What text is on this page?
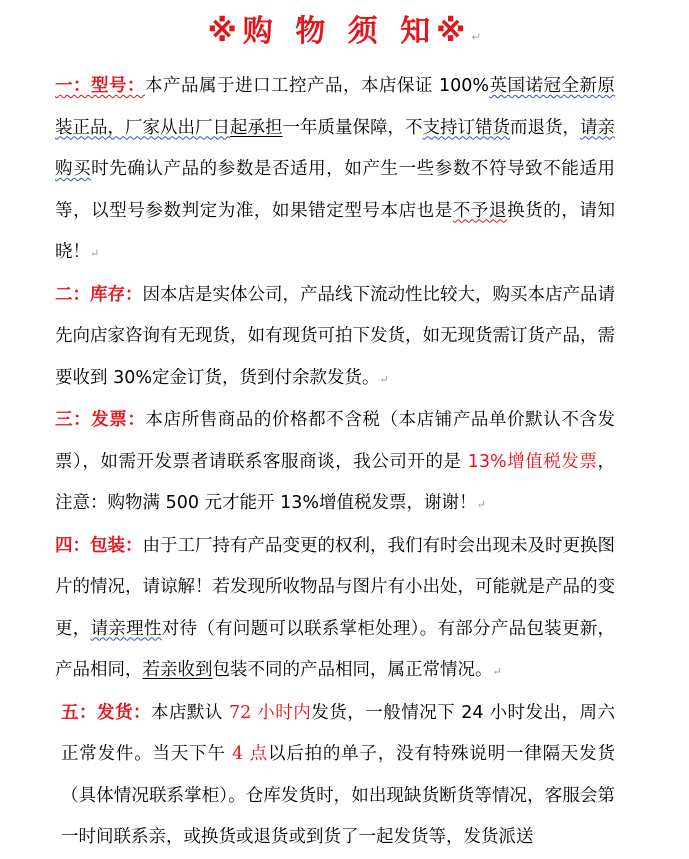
※购 物 须 知※↵

一：型号：本产品属于进口工控产品，本店保证 100%英国诺冠全新原装正品，厂家从出厂日起承担一年质量保障，不支持订错货而退货，请亲购买时先确认产品的参数是否适用，如产生一些参数不符导致不能适用等，以型号参数判定为准，如果错定型号本店也是不予退换货的，请知晓！↵

二：库存：因本店是实体公司，产品线下流动性比较大，购买本店产品请先向店家咨询有无现货，如有现货可拍下发货，如无现货需订货产品，需要收到 30%定金订货，货到付余款发货。↵

三：发票：本店所售商品的价格都不含税（本店铺产品单价默认不含发票），如需开发票者请联系客服商谈，我公司开的是 13%增值税发票，注意：购物满 500 元才能开 13%增值税发票，谢谢！↵

四：包装：由于工厂持有产品变更的权利，我们有时会出现未及时更换图片的情况，请谅解！若发现所收物品与图片有小出处，可能就是产品的变更，请亲理性对待（有问题可以联系掌柜处理）。有部分产品包装更新，产品相同，若亲收到包装不同的产品相同，属正常情况。↵

五：发货：本店默认 72 小时内发货，一般情况下 24 小时发出，周六正常发件。当天下午 4 点以后拍的单子，没有特殊说明一律隔天发货（具体情况联系掌柜）。仓库发货时，如出现缺货断货等情况，客服会第一时间联系亲，或换货或退货或到货了一起发货等，发货派送
